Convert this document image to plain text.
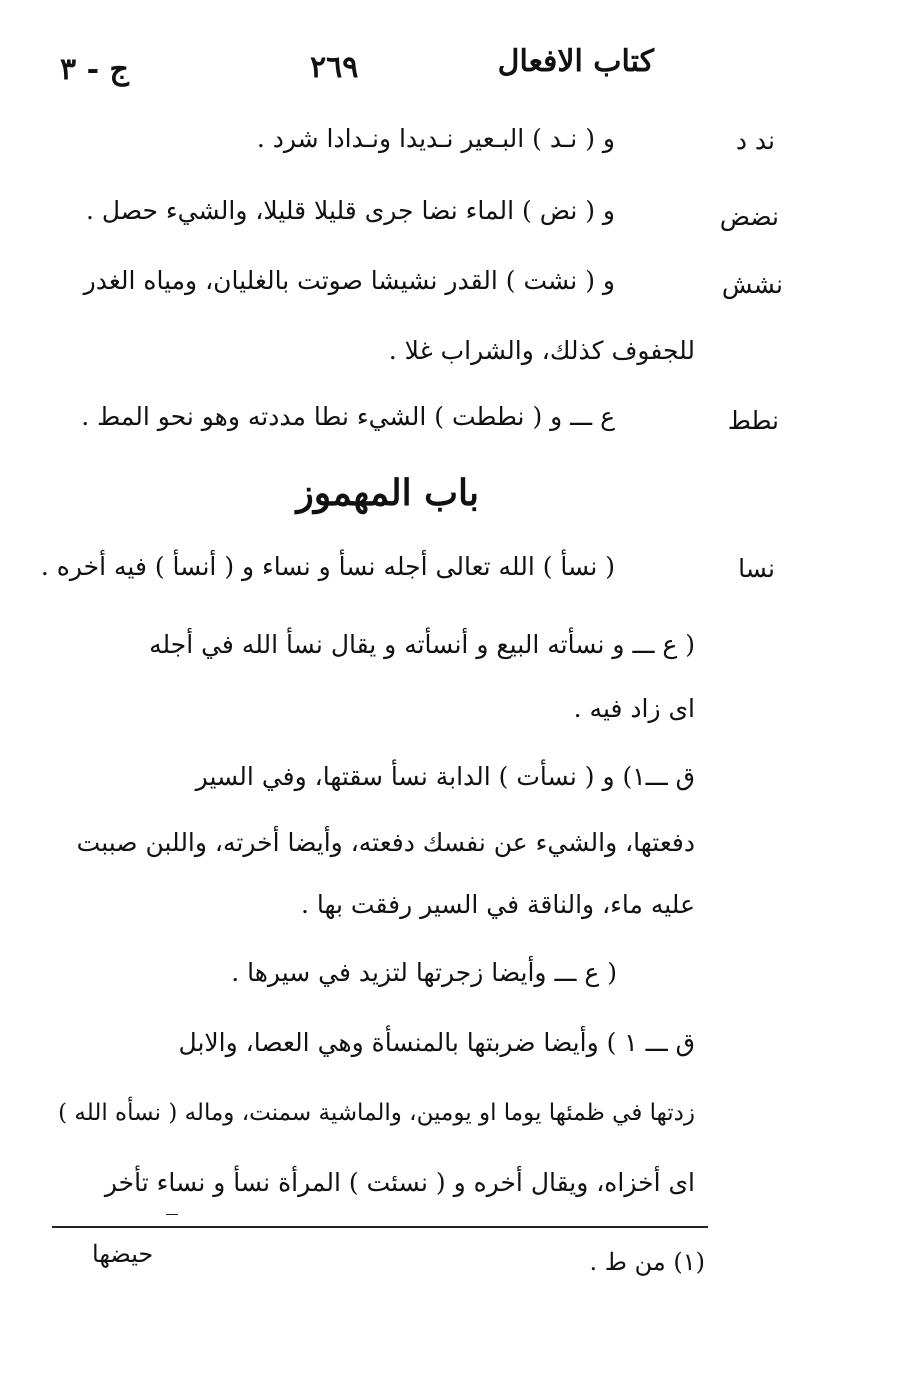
كتاب الافعال
٢٦٩
ج - ٣
ند د
و ( نـد ) البـعير نـديدا ونـدادا شرد .
نضض
و ( نض ) الماء نضا جرى قليلا قليلا، والشيء حصل .
نشش
و ( نشت ) القدر نشيشا صوتت بالغليان، ومياه الغدر
للجفوف كذلك، والشراب غلا .
نطط
ع ـــ و ( نططت ) الشيء نطا مددته وهو نحو المط .
باب المهموز
نسا
( نسأ ) الله تعالى أجله نسأ و نساء و ( أنسأ ) فيه أخره .
( ع ـــ و نسأته البيع و أنسأته و يقال نسأ الله في أجله
اى زاد فيه .
ق ـــ١) و ( نسأت ) الدابة نسأ سقتها، وفي السير
دفعتها، والشيء عن نفسك دفعته، وأيضا أخرته، واللبن صببت
عليه ماء، والناقة في السير رفقت بها .
( ع ـــ وأيضا زجرتها لتزيد في سيرها .
ق ـــ ١ ) وأيضا ضربتها بالمنسأة وهي العصا، والابل
زدتها في ظمئها يوما او يومين، والماشية سمنت، وماله ( نسأه الله )
اى أخزاه، ويقال أخره و ( نسئت ) المرأة نسأ و نساء تأخر
(١) من ط .
حيضها
